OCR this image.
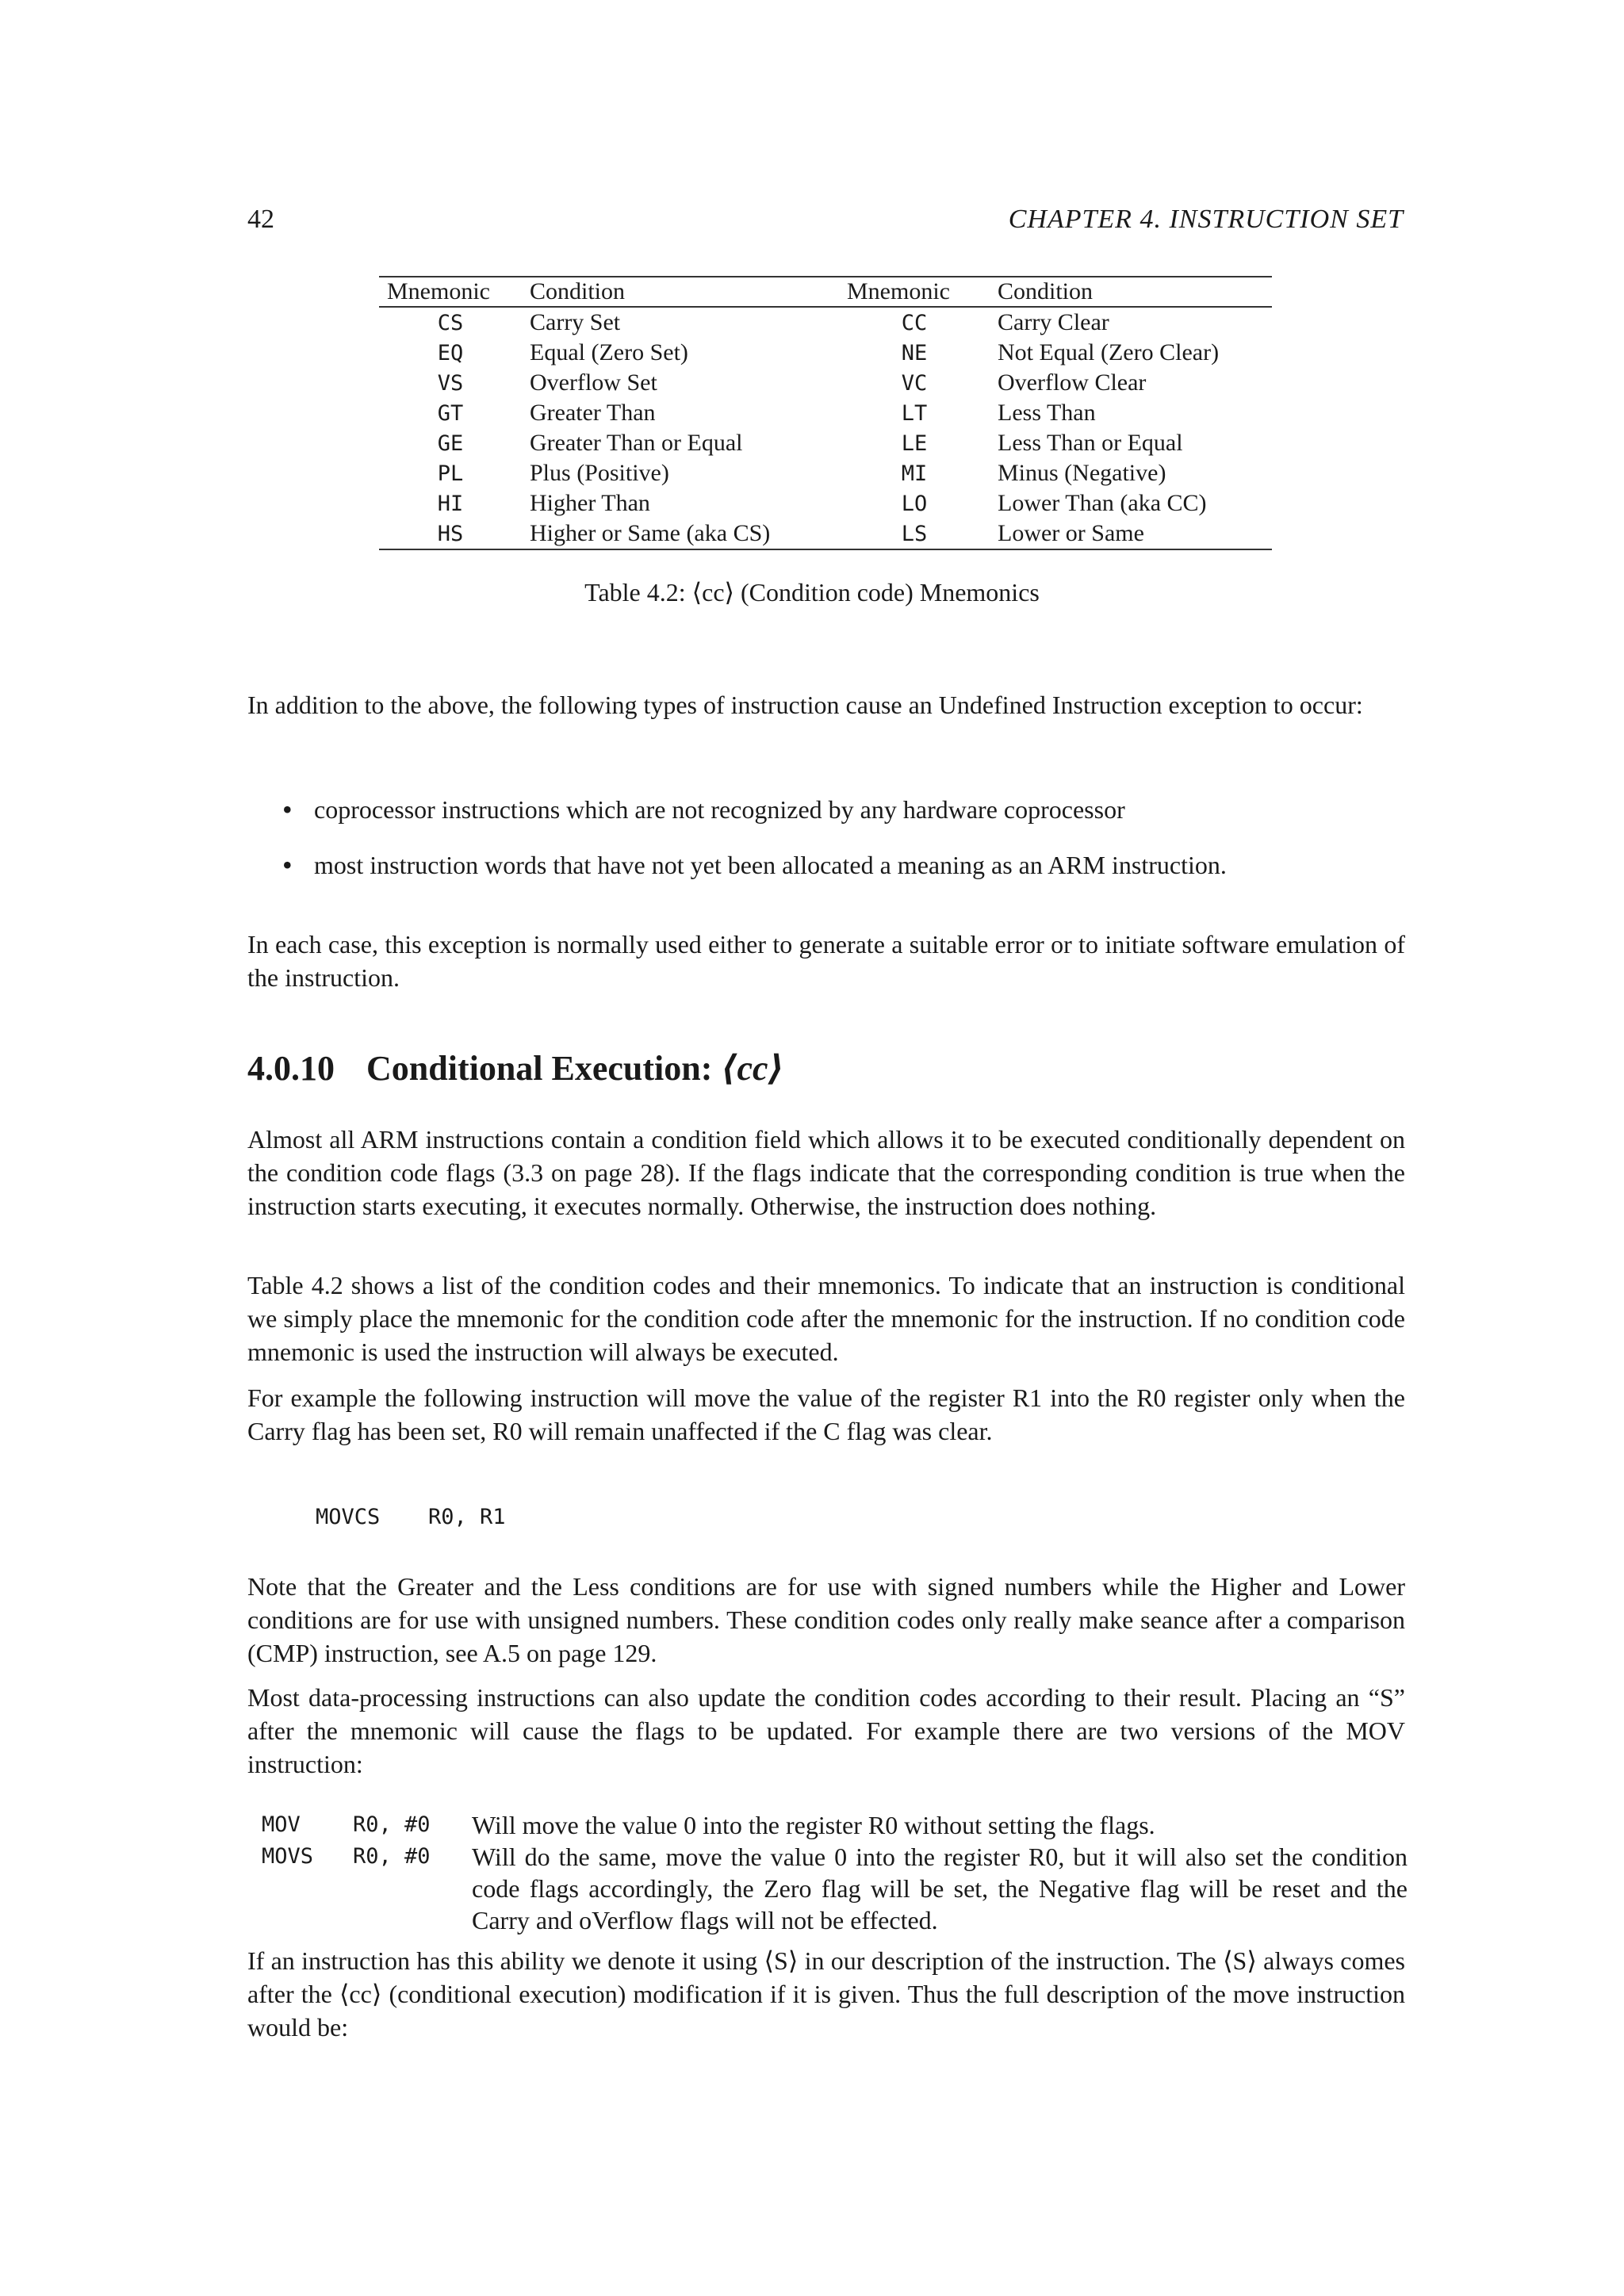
42	CHAPTER 4. INSTRUCTION SET
Mnemonic	Condition	Mnemonic	Condition
CS	Carry Set	CC	Carry Clear
EQ	Equal (Zero Set)	NE	Not Equal (Zero Clear)
VS	Overflow Set	VC	Overflow Clear
GT	Greater Than	LT	Less Than
GE	Greater Than or Equal	LE	Less Than or Equal
PL	Plus (Positive)	MI	Minus (Negative)
HI	Higher Than	LO	Lower Than (aka CC)
HS	Higher or Same (aka CS)	LS	Lower or Same
Table 4.2: ⟨cc⟩ (Condition code) Mnemonics

In addition to the above, the following types of instruction cause an Undefined Instruction exception to occur:

• coprocessor instructions which are not recognized by any hardware coprocessor
• most instruction words that have not yet been allocated a meaning as an ARM instruction.

In each case, this exception is normally used either to generate a suitable error or to initiate software emulation of the instruction.

4.0.10 Conditional Execution: ⟨cc⟩

Almost all ARM instructions contain a condition field which allows it to be executed conditionally dependent on the condition code flags (3.3 on page 28). If the flags indicate that the corresponding condition is true when the instruction starts executing, it executes normally. Otherwise, the instruction does nothing.

Table 4.2 shows a list of the condition codes and their mnemonics. To indicate that an instruction is conditional we simply place the mnemonic for the condition code after the mnemonic for the instruction. If no condition code mnemonic is used the instruction will always be executed.

For example the following instruction will move the value of the register R1 into the R0 register only when the Carry flag has been set, R0 will remain unaffected if the C flag was clear.

MOVCS R0, R1

Note that the Greater and the Less conditions are for use with signed numbers while the Higher and Lower conditions are for use with unsigned numbers. These condition codes only really make seance after a comparison (CMP) instruction, see A.5 on page 129.

Most data-processing instructions can also update the condition codes according to their result. Placing an “S” after the mnemonic will cause the flags to be updated. For example there are two versions of the MOV instruction:

MOV	R0, #0	Will move the value 0 into the register R0 without setting the flags.
MOVS	R0, #0	Will do the same, move the value 0 into the register R0, but it will also set the condition code flags accordingly, the Zero flag will be set, the Negative flag will be reset and the Carry and oVerflow flags will not be effected.

If an instruction has this ability we denote it using ⟨S⟩ in our description of the instruction. The ⟨S⟩ always comes after the ⟨cc⟩ (conditional execution) modification if it is given. Thus the full description of the move instruction would be:
